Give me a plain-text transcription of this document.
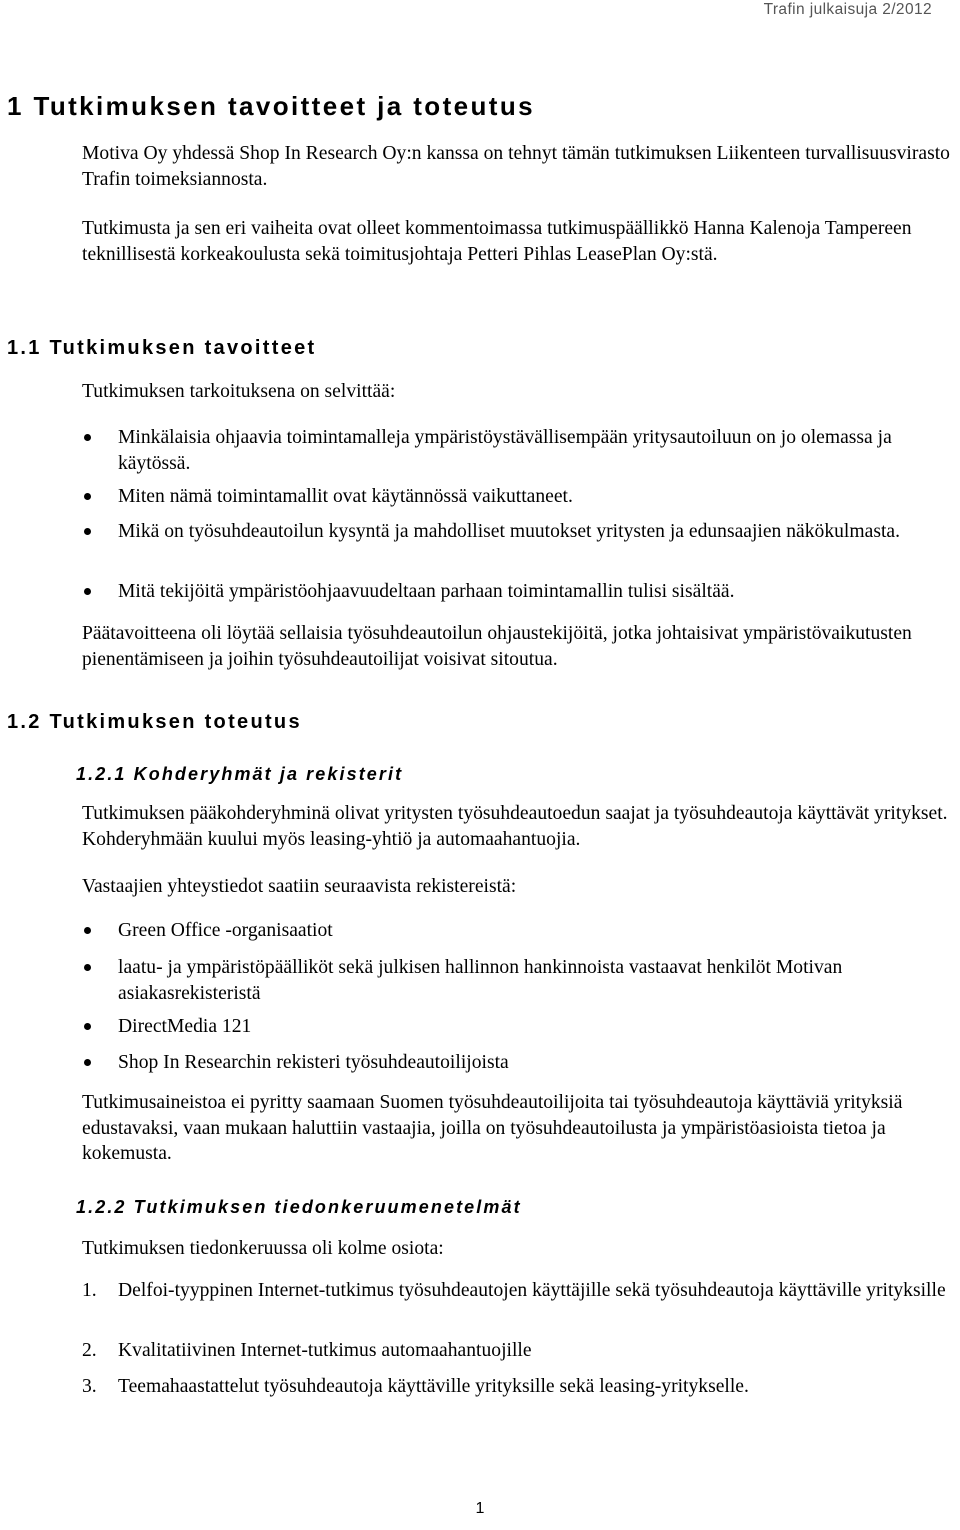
Trafin julkaisuja 2/2012
1 Tutkimuksen tavoitteet ja toteutus

Motiva Oy yhdessä Shop In Research Oy:n kanssa on tehnyt tämän tutkimuksen Liikenteen turvallisuusvirasto Trafin toimeksiannosta.

Tutkimusta ja sen eri vaiheita ovat olleet kommentoimassa tutkimuspäällikkö Hanna Kalenoja Tampereen teknillisestä korkeakoulusta sekä toimitusjohtaja Petteri Pihlas LeasePlan Oy:stä.

1.1 Tutkimuksen tavoitteet

Tutkimuksen tarkoituksena on selvittää:

Minkälaisia ohjaavia toimintamalleja ympäristöystävällisempään yritysautoiluun on jo olemassa ja käytössä.
Miten nämä toimintamallit ovat käytännössä vaikuttaneet.
Mikä on työsuhdeautoilun kysyntä ja mahdolliset muutokset yritysten ja edunsaajien näkökulmasta.
Mitä tekijöitä ympäristöohjaavuudeltaan parhaan toimintamallin tulisi sisältää.

Päätavoitteena oli löytää sellaisia työsuhdeautoilun ohjaustekijöitä, jotka johtaisivat ympäristövaikutusten pienentämiseen ja joihin työsuhdeautoilijat voisivat sitoutua.

1.2 Tutkimuksen toteutus
1.2.1 Kohderyhmät ja rekisterit

Tutkimuksen pääkohderyhminä olivat yritysten työsuhdeautoedun saajat ja työsuhdeautoja käyttävät yritykset. Kohderyhmään kuului myös leasing-yhtiö ja automaahantuojia.

Vastaajien yhteystiedot saatiin seuraavista rekistereistä:

Green Office -organisaatiot
laatu- ja ympäristöpäälliköt sekä julkisen hallinnon hankinnoista vastaavat henkilöt Motivan asiakasrekisteristä
DirectMedia 121
Shop In Researchin rekisteri työsuhdeautoilijoista

Tutkimusaineistoa ei pyritty saamaan Suomen työsuhdeautoilijoita tai työsuhdeautoja käyttäviä yrityksiä edustavaksi, vaan mukaan haluttiin vastaajia, joilla on työsuhdeautoilusta ja ympäristöasioista tietoa ja kokemusta.

1.2.2 Tutkimuksen tiedonkeruumenetelmät

Tutkimuksen tiedonkeruussa oli kolme osiota:

1.	Delfoi-tyyppinen Internet-tutkimus työsuhdeautojen käyttäjille sekä työsuhdeautoja käyttäville yrityksille
2.	Kvalitatiivinen Internet-tutkimus automaahantuojille
3.	Teemahaastattelut työsuhdeautoja käyttäville yrityksille sekä leasing-yritykselle.
1
